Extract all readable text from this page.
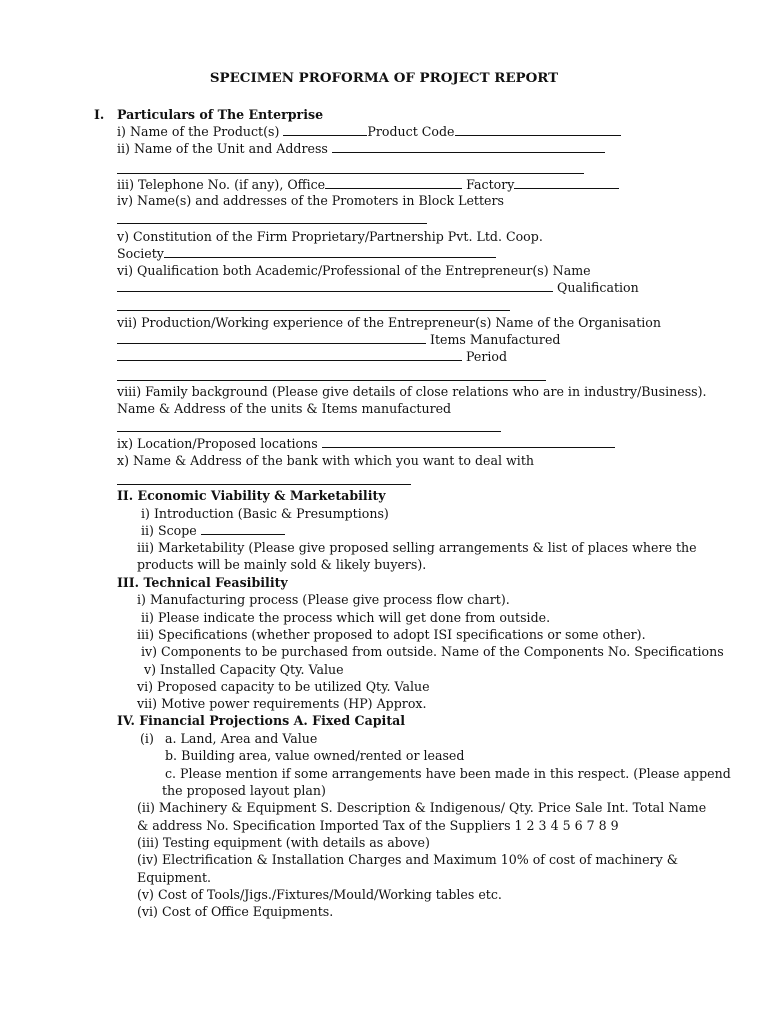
SPECIMEN PROFORMA OF PROJECT REPORT
I. Particulars of The Enterprise
i) Name of the Product(s)	Product Code
ii) Name of the Unit and Address
iii) Telephone No. (if any), Office	Factory
iv) Name(s) and addresses of the Promoters in Block Letters
v) Constitution of the Firm Proprietary/Partnership Pvt. Ltd. Coop.
Society
vi) Qualification both Academic/Professional of the Entrepreneur(s) Name
Qualification
vii) Production/Working experience of the Entrepreneur(s) Name of the Organisation
Items Manufactured
Period
viii) Family background (Please give details of close relations who are in industry/Business).
Name & Address of the units & Items manufactured
ix) Location/Proposed locations
x) Name & Address of the bank with which you want to deal with
II. Economic Viability & Marketability
i) Introduction (Basic & Presumptions)
ii) Scope
iii) Marketability (Please give proposed selling arrangements & list of places where the
products will be mainly sold & likely buyers).
III. Technical Feasibility
i) Manufacturing process (Please give process flow chart).
ii) Please indicate the process which will get done from outside.
iii) Specifications (whether proposed to adopt ISI specifications or some other).
iv) Components to be purchased from outside. Name of the Components No. Specifications
v) Installed Capacity Qty. Value
vi) Proposed capacity to be utilized Qty. Value
vii) Motive power requirements (HP) Approx.
IV. Financial Projections A. Fixed Capital
(i) a. Land, Area and Value
b. Building area, value owned/rented or leased
c. Please mention if some arrangements have been made in this respect. (Please append
the proposed layout plan)
(ii) Machinery & Equipment S. Description & Indigenous/ Qty. Price Sale Int. Total Name
& address No. Specification Imported Tax of the Suppliers 1 2 3 4 5 6 7 8 9
(iii) Testing equipment (with details as above)
(iv) Electrification & Installation Charges and Maximum 10% of cost of machinery &
Equipment.
(v) Cost of Tools/Jigs./Fixtures/Mould/Working tables etc.
(vi) Cost of Office Equipments.
